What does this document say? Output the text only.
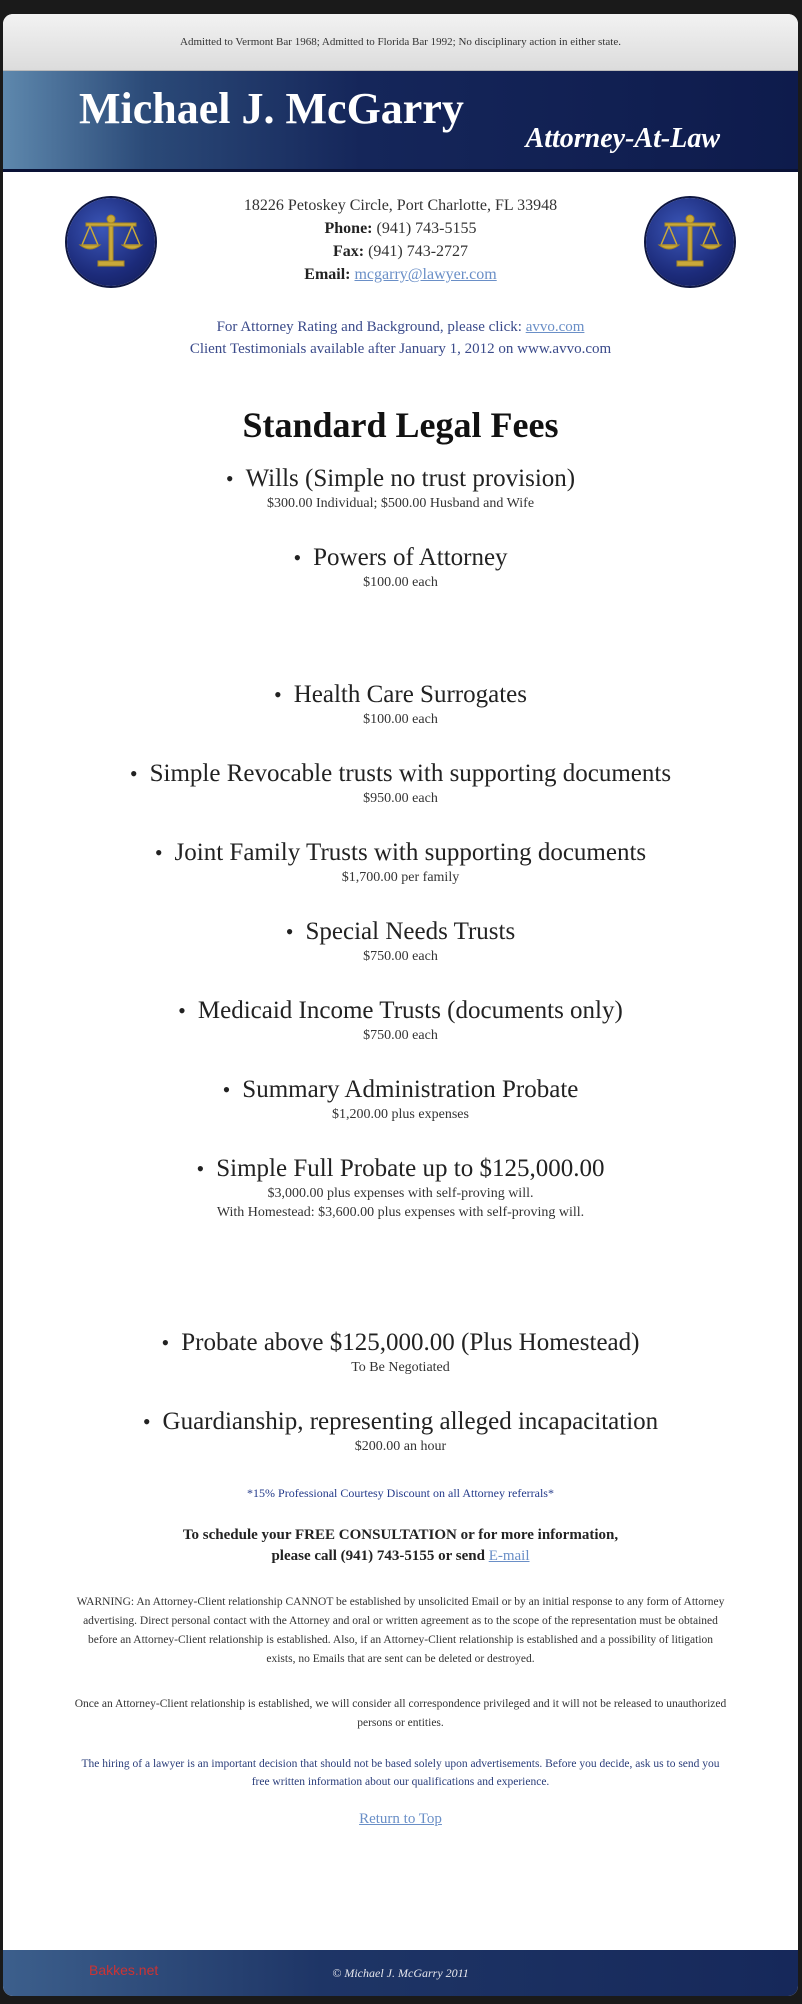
Admitted to Vermont Bar 1968; Admitted to Florida Bar 1992; No disciplinary action in either state.
Michael J. McGarry
Attorney-At-Law
18226 Petoskey Circle, Port Charlotte, FL 33948
Phone: (941) 743-5155
Fax: (941) 743-2727
Email: mcgarry@lawyer.com
For Attorney Rating and Background, please click: avvo.com
Client Testimonials available after January 1, 2012 on www.avvo.com
Standard Legal Fees
• Wills (Simple no trust provision)
$300.00 Individual; $500.00 Husband and Wife
• Powers of Attorney
$100.00 each
• Health Care Surrogates
$100.00 each
• Simple Revocable trusts with supporting documents
$950.00 each
• Joint Family Trusts with supporting documents
$1,700.00 per family
• Special Needs Trusts
$750.00 each
• Medicaid Income Trusts (documents only)
$750.00 each
• Summary Administration Probate
$1,200.00 plus expenses
• Simple Full Probate up to $125,000.00
$3,000.00 plus expenses with self-proving will.
With Homestead: $3,600.00 plus expenses with self-proving will.
• Probate above $125,000.00 (Plus Homestead)
To Be Negotiated
• Guardianship, representing alleged incapacitation
$200.00 an hour
*15% Professional Courtesy Discount on all Attorney referrals*
To schedule your FREE CONSULTATION or for more information,
please call (941) 743-5155 or send E-mail
WARNING: An Attorney-Client relationship CANNOT be established by unsolicited Email or by an initial response to any form of Attorney advertising. Direct personal contact with the Attorney and oral or written agreement as to the scope of the representation must be obtained before an Attorney-Client relationship is established. Also, if an Attorney-Client relationship is established and a possibility of litigation exists, no Emails that are sent can be deleted or destroyed.
Once an Attorney-Client relationship is established, we will consider all correspondence privileged and it will not be released to unauthorized persons or entities.
The hiring of a lawyer is an important decision that should not be based solely upon advertisements. Before you decide, ask us to send you free written information about our qualifications and experience.
Return to Top
Bakkes.net	© Michael J. McGarry 2011
